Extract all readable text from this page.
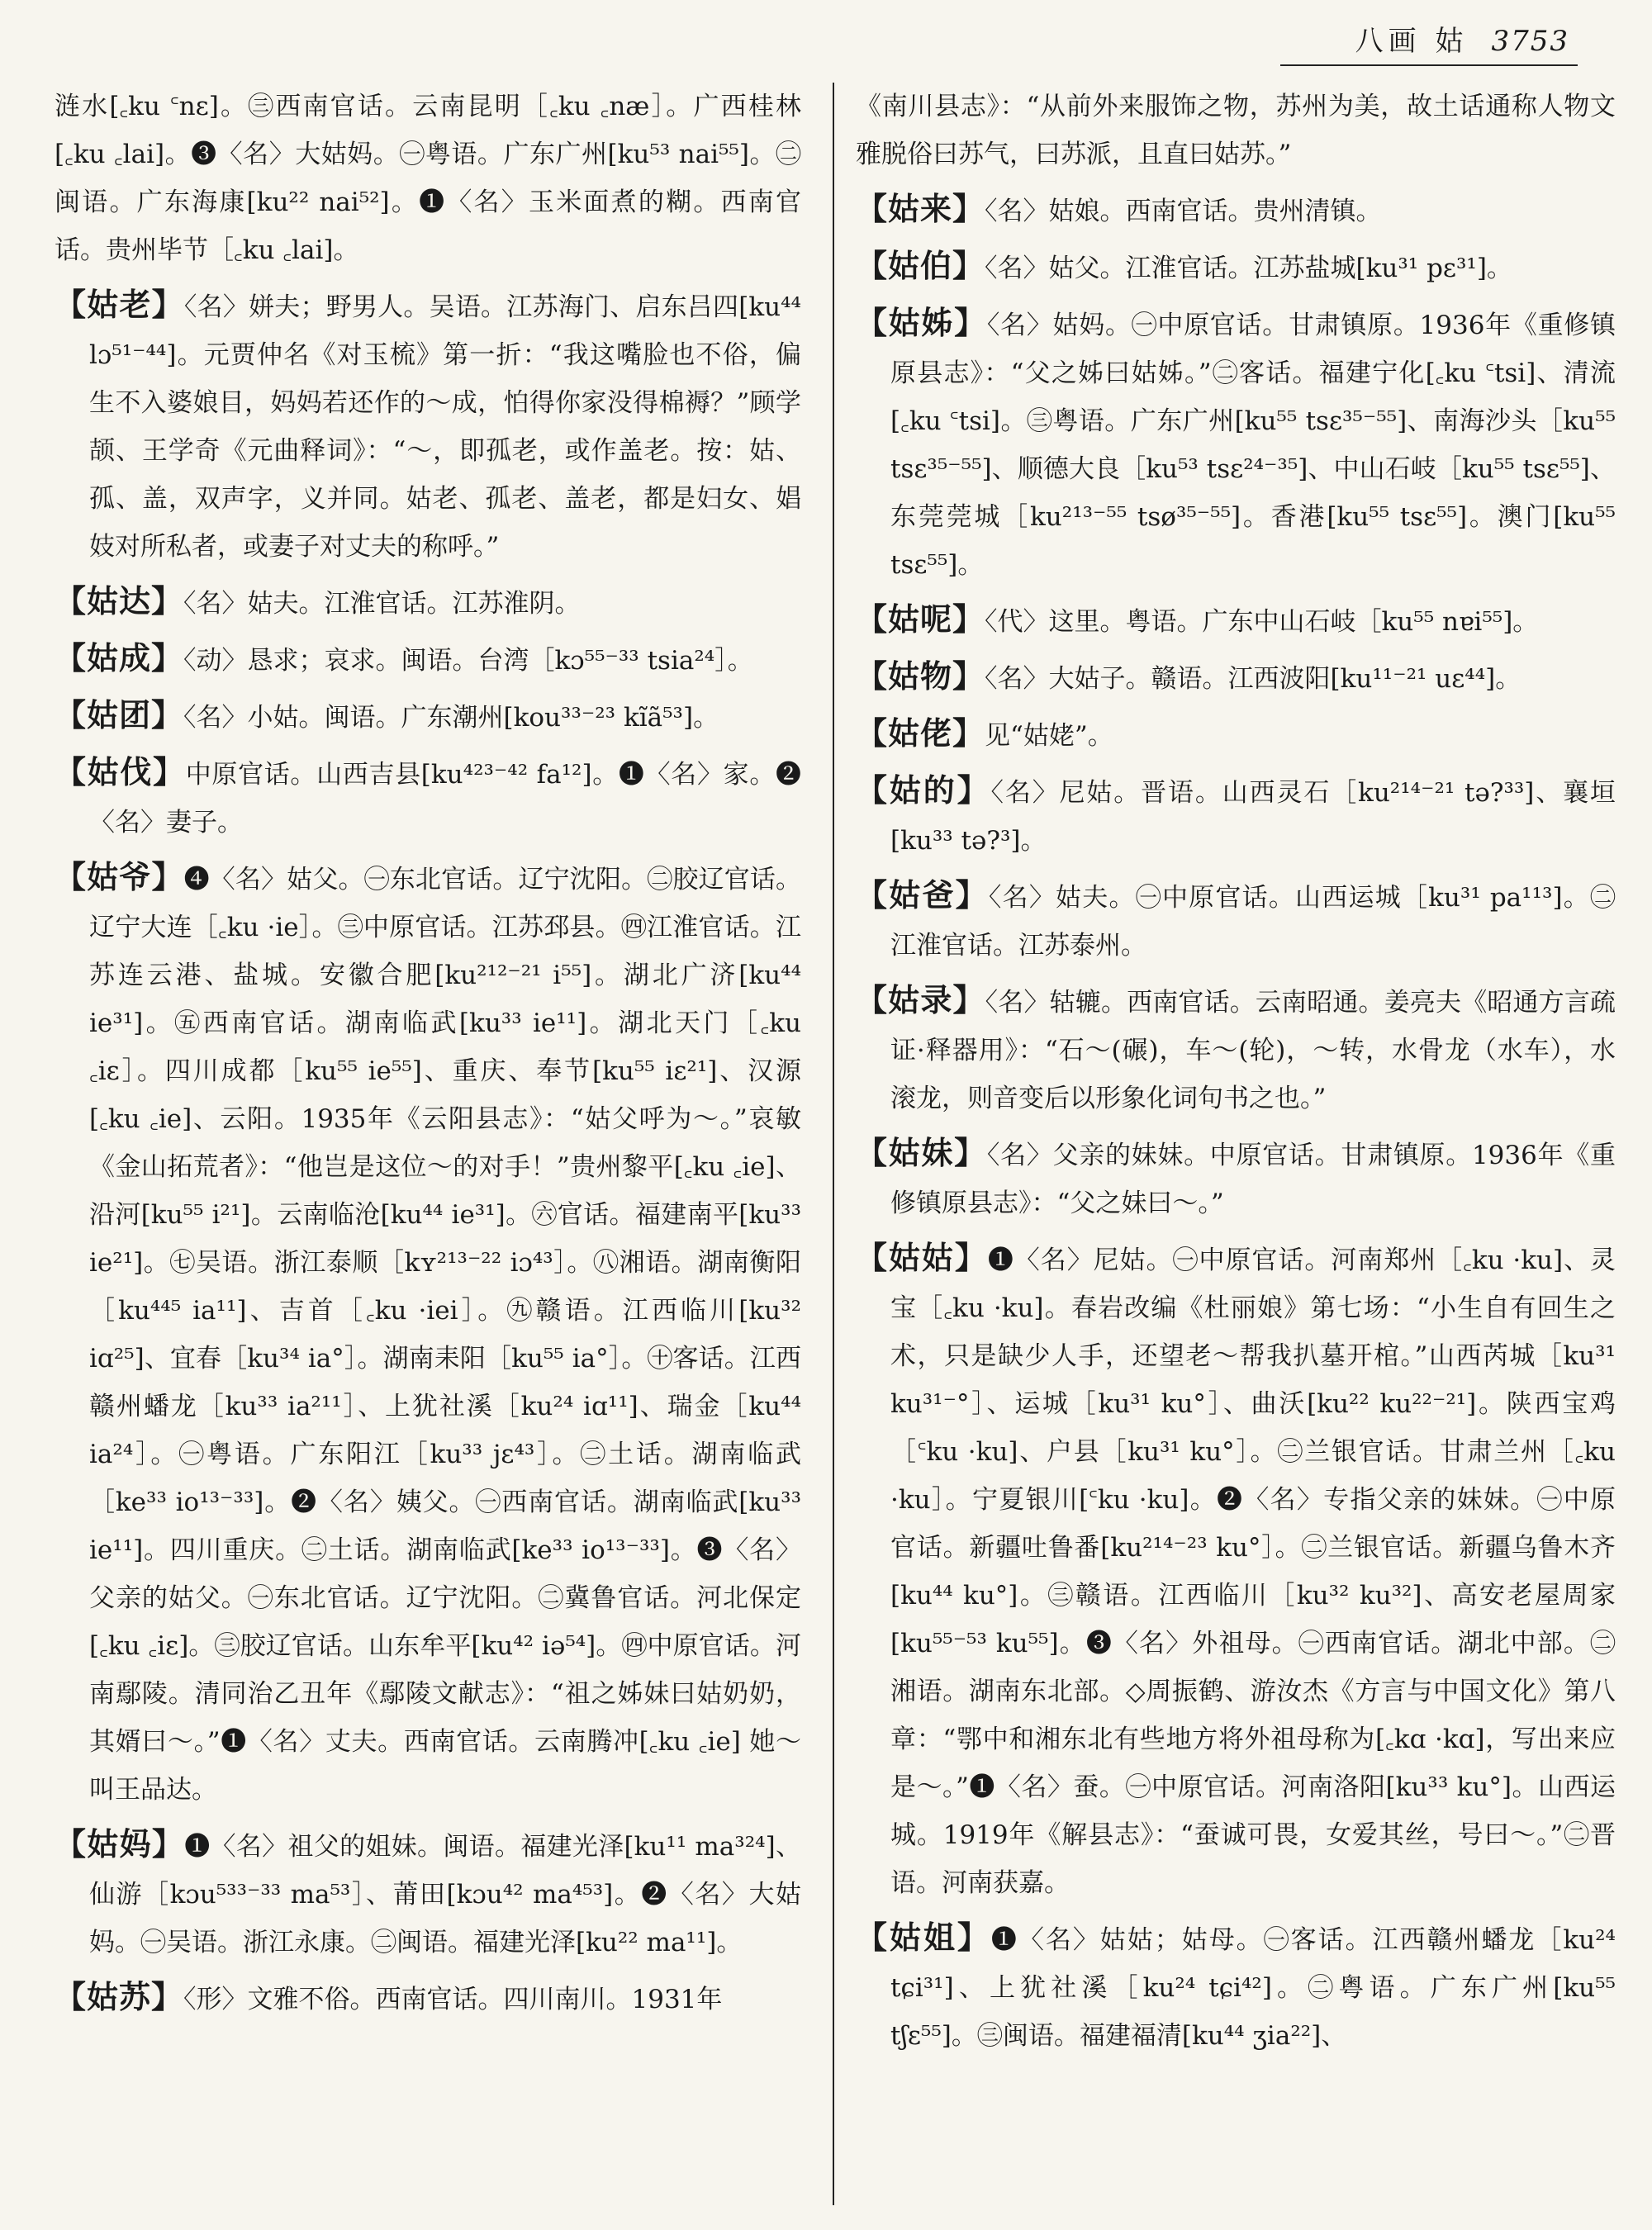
八画 姑 3753

涟水[꜀ku ꜂nɛ]。㊂西南官话。云南昆明［꜀ku ꜀næ］。广西桂林[꜀ku ꜀lai]。❸〈名〉大姑妈。㊀粤语。广东广州[ku⁵³ nai⁵⁵]。㊁闽语。广东海康[ku²² nai⁵²]。❶〈名〉玉米面煮的糊。西南官话。贵州毕节［꜀ku ꜀lai]。

【姑老】〈名〉姘夫；野男人。吴语。江苏海门、启东吕四[ku⁴⁴ lɔ⁵¹⁻⁴⁴]。元贾仲名《对玉梳》第一折：“我这嘴脸也不俗，偏生不入婆娘目，妈妈若还作的～成，怕得你家没得棉褥？”顾学颉、王学奇《元曲释词》：“～，即孤老，或作盖老。按：姑、孤、盖，双声字，义并同。姑老、孤老、盖老，都是妇女、娼妓对所私者，或妻子对丈夫的称呼。”

【姑达】〈名〉姑夫。江淮官话。江苏淮阴。

【姑成】〈动〉恳求；哀求。闽语。台湾［kɔ⁵⁵⁻³³ tsia²⁴］。

【姑团】〈名〉小姑。闽语。广东潮州[kou³³⁻²³ kĩã⁵³]。

【姑伐】中原官话。山西吉县[ku⁴²³⁻⁴² fa¹²]。❶〈名〉家。❷〈名〉妻子。

【姑爷】❹〈名〉姑父。㊀东北官话。辽宁沈阳。㊁胶辽官话。辽宁大连［꜀ku ·ie］。㊂中原官话。江苏邳县。㊃江淮官话。江苏连云港、盐城。安徽合肥[ku²¹²⁻²¹ i⁵⁵]。湖北广济[ku⁴⁴ ie³¹]。㊄西南官话。湖南临武[ku³³ ie¹¹]。湖北天门［꜀ku ꜀iɛ］。四川成都［ku⁵⁵ ie⁵⁵]、重庆、奉节[ku⁵⁵ iɛ²¹]、汉源[꜀ku ꜀ie]、云阳。1935年《云阳县志》：“姑父呼为～。”哀敏《金山拓荒者》：“他岂是这位～的对手！”贵州黎平[꜀ku ꜀ie]、沿河[ku⁵⁵ i²¹]。云南临沧[ku⁴⁴ ie³¹]。㊅官话。福建南平[ku³³ ie²¹]。㊆吴语。浙江泰顺［kʏ²¹³⁻²² iɔ⁴³］。㊇湘语。湖南衡阳［ku⁴⁴⁵ ia¹¹]、吉首［꜀ku ·iei］。㊈赣语。江西临川[ku³² iɑ²⁵]、宜春［ku³⁴ ia°］。湖南耒阳［ku⁵⁵ ia°］。㊉客话。江西赣州蟠龙［ku³³ ia²¹¹］、上犹社溪［ku²⁴ iɑ¹¹]、瑞金［ku⁴⁴ ia²⁴］。㊀粤语。广东阳江［ku³³ jɛ⁴³］。㊁土话。湖南临武［ke³³ io¹³⁻³³]。❷〈名〉姨父。㊀西南官话。湖南临武[ku³³ ie¹¹]。四川重庆。㊁土话。湖南临武[ke³³ io¹³⁻³³]。❸〈名〉父亲的姑父。㊀东北官话。辽宁沈阳。㊁冀鲁官话。河北保定[꜀ku ꜀iɛ]。㊂胶辽官话。山东牟平[ku⁴² iə⁵⁴]。㊃中原官话。河南鄢陵。清同治乙丑年《鄢陵文献志》：“祖之姊妹曰姑奶奶，其婿曰～。”❶〈名〉丈夫。西南官话。云南腾冲[꜀ku ꜀ie] 她～叫王品达。

【姑妈】❶〈名〉祖父的姐妹。闽语。福建光泽[ku¹¹ ma³²⁴]、仙游［kɔu⁵³³⁻³³ ma⁵³］、莆田[kɔu⁴² ma⁴⁵³]。❷〈名〉大姑妈。㊀吴语。浙江永康。㊁闽语。福建光泽[ku²² ma¹¹]。

【姑苏】〈形〉文雅不俗。西南官话。四川南川。1931年

《南川县志》：“从前外来服饰之物，苏州为美，故土话通称人物文雅脱俗曰苏气，曰苏派，且直曰姑苏。”

【姑来】〈名〉姑娘。西南官话。贵州清镇。

【姑伯】〈名〉姑父。江淮官话。江苏盐城[ku³¹ pɛ³¹]。

【姑姊】〈名〉姑妈。㊀中原官话。甘肃镇原。1936年《重修镇原县志》：“父之姊曰姑姊。”㊁客话。福建宁化[꜀ku ꜂tsi]、清流[꜀ku ꜂tsi]。㊂粤语。广东广州[ku⁵⁵ tsɛ³⁵⁻⁵⁵]、南海沙头［ku⁵⁵ tsɛ³⁵⁻⁵⁵]、顺德大良［ku⁵³ tsɛ²⁴⁻³⁵]、中山石岐［ku⁵⁵ tsɛ⁵⁵]、东莞莞城［ku²¹³⁻⁵⁵ tsø³⁵⁻⁵⁵]。香港[ku⁵⁵ tsɛ⁵⁵]。澳门[ku⁵⁵ tsɛ⁵⁵]。

【姑呢】〈代〉这里。粤语。广东中山石岐［ku⁵⁵ nɐi⁵⁵]。

【姑物】〈名〉大姑子。赣语。江西波阳[ku¹¹⁻²¹ uɛ⁴⁴]。

【姑佬】见“姑姥”。

【姑的】〈名〉尼姑。晋语。山西灵石［ku²¹⁴⁻²¹ tə?³³]、襄垣[ku³³ tə?³]。

【姑爸】〈名〉姑夫。㊀中原官话。山西运城［ku³¹ pa¹¹³]。㊁江淮官话。江苏泰州。

【姑录】〈名〉轱辘。西南官话。云南昭通。姜亮夫《昭通方言疏证·释器用》：“石～(碾)，车～(轮)，～转，水骨龙（水车），水滚龙，则音变后以形象化词句书之也。”

【姑妹】〈名〉父亲的妹妹。中原官话。甘肃镇原。1936年《重修镇原县志》：“父之妹曰～。”

【姑姑】❶〈名〉尼姑。㊀中原官话。河南郑州［꜀ku ·ku]、灵宝［꜀ku ·ku]。春岩改编《杜丽娘》第七场：“小生自有回生之术，只是缺少人手，还望老～帮我扒墓开棺。”山西芮城［ku³¹ ku³¹⁻°］、运城［ku³¹ ku°］、曲沃[ku²² ku²²⁻²¹]。陕西宝鸡［꜂ku ·ku]、户县［ku³¹ ku°］。㊁兰银官话。甘肃兰州［꜀ku ·ku］。宁夏银川[꜂ku ·ku]。❷〈名〉专指父亲的妹妹。㊀中原官话。新疆吐鲁番[ku²¹⁴⁻²³ ku°］。㊁兰银官话。新疆乌鲁木齐[ku⁴⁴ ku°]。㊂赣语。江西临川［ku³² ku³²]、高安老屋周家[ku⁵⁵⁻⁵³ ku⁵⁵]。❸〈名〉外祖母。㊀西南官话。湖北中部。㊁湘语。湖南东北部。◇周振鹤、游汝杰《方言与中国文化》第八章：“鄂中和湘东北有些地方将外祖母称为[꜀kɑ ·kɑ]，写出来应是～。”❶〈名〉蚕。㊀中原官话。河南洛阳[ku³³ ku°]。山西运城。1919年《解县志》：“蚕诚可畏，女爱其丝，号曰～。”㊁晋语。河南获嘉。

【姑姐】❶〈名〉姑姑；姑母。㊀客话。江西赣州蟠龙［ku²⁴ tɕi³¹]、上犹社溪［ku²⁴ tɕi⁴²]。㊁粤语。广东广州[ku⁵⁵ tʃɛ⁵⁵]。㊂闽语。福建福清[ku⁴⁴ ʒia²²]、
